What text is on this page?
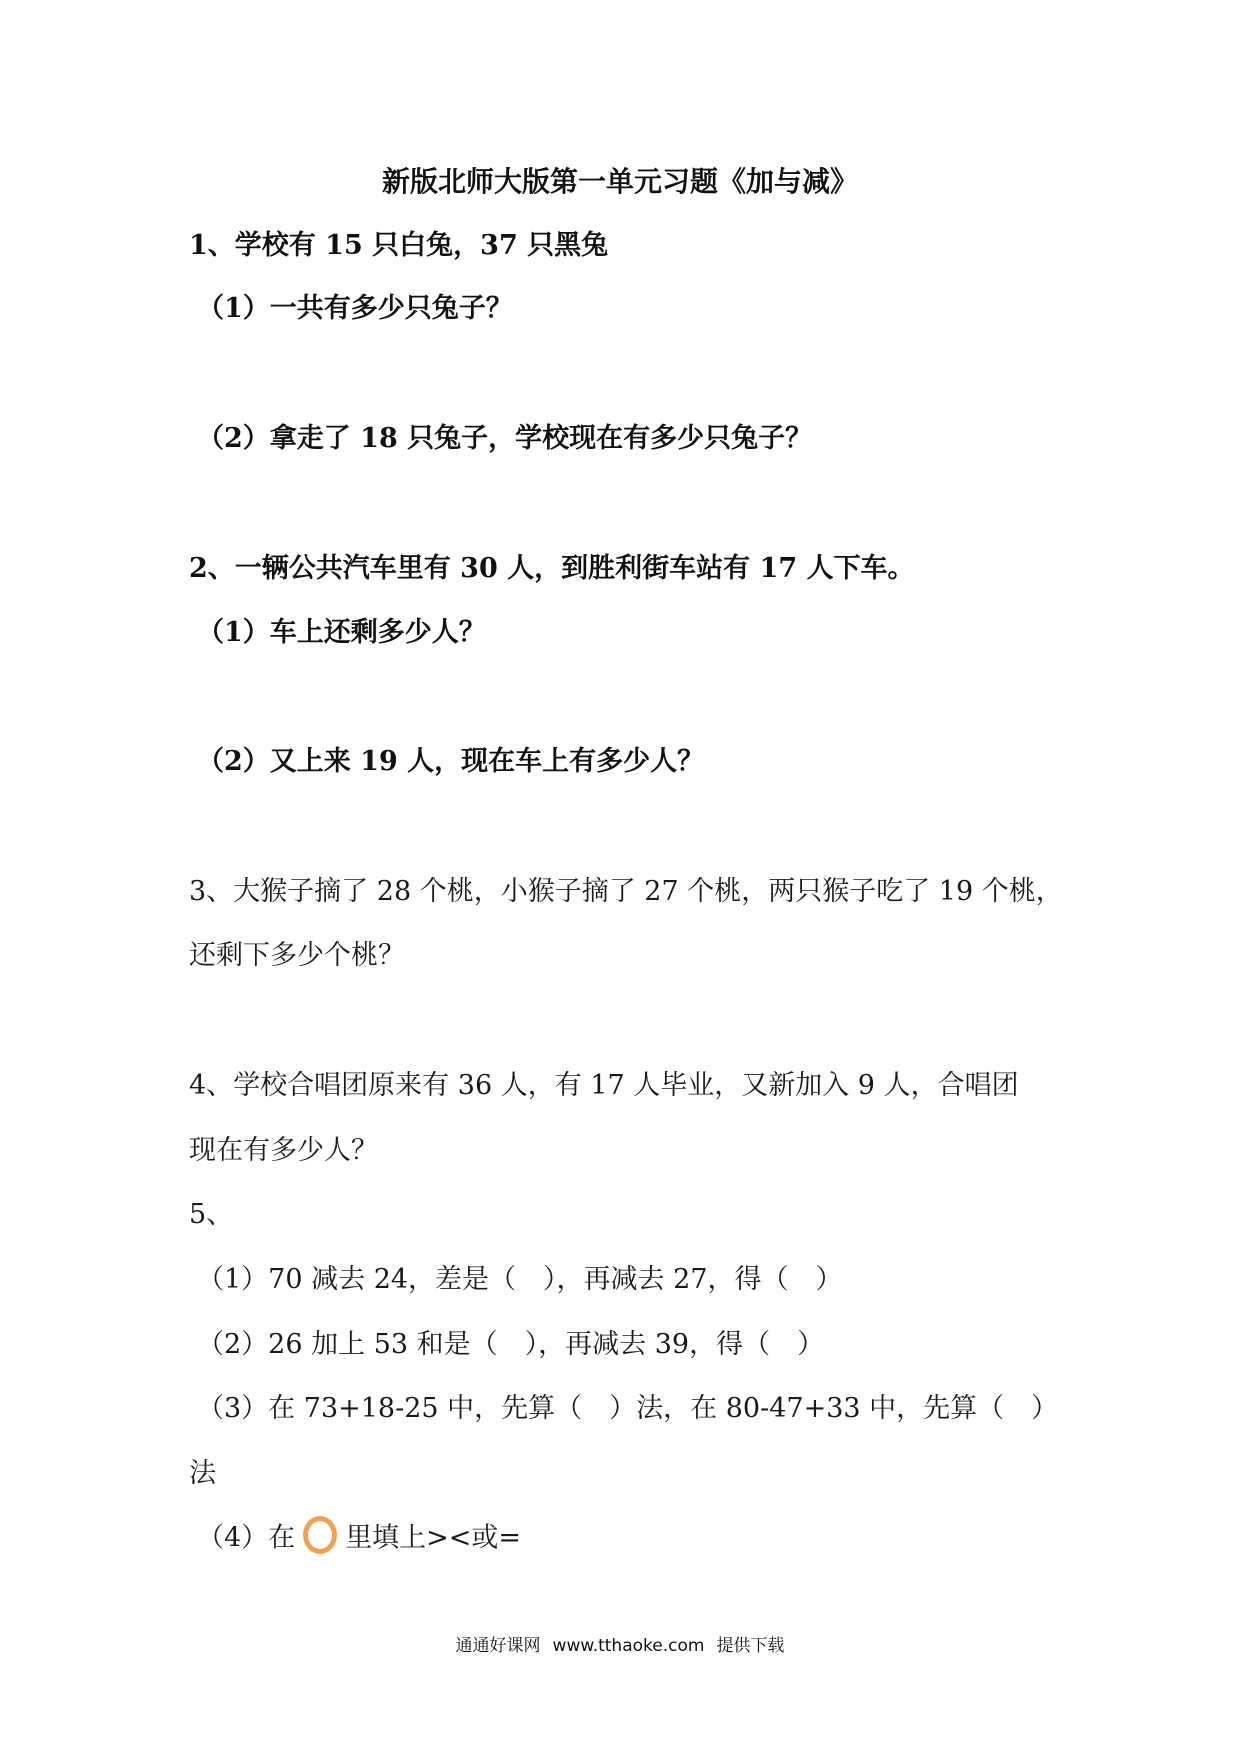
新版北师大版第一单元习题《加与减》
1、学校有 15 只白兔，37 只黑兔
（1）一共有多少只兔子？
（2）拿走了 18 只兔子，学校现在有多少只兔子？
2、一辆公共汽车里有 30 人，到胜利街车站有 17 人下车。
（1）车上还剩多少人？
（2）又上来 19 人，现在车上有多少人？
3、大猴子摘了 28 个桃，小猴子摘了 27 个桃，两只猴子吃了 19 个桃，
还剩下多少个桃？
4、学校合唱团原来有 36 人，有 17 人毕业，又新加入 9 人，合唱团
现在有多少人？
5、
（1）70 减去 24，差是（　），再减去 27，得（　）
（2）26 加上 53 和是（　），再减去 39，得（　）
（3）在 73+18-25 中，先算（　）法，在 80-47+33 中，先算（　）
法
（4）在 里填上><或=
通通好课网 www.tthaoke.com 提供下载
